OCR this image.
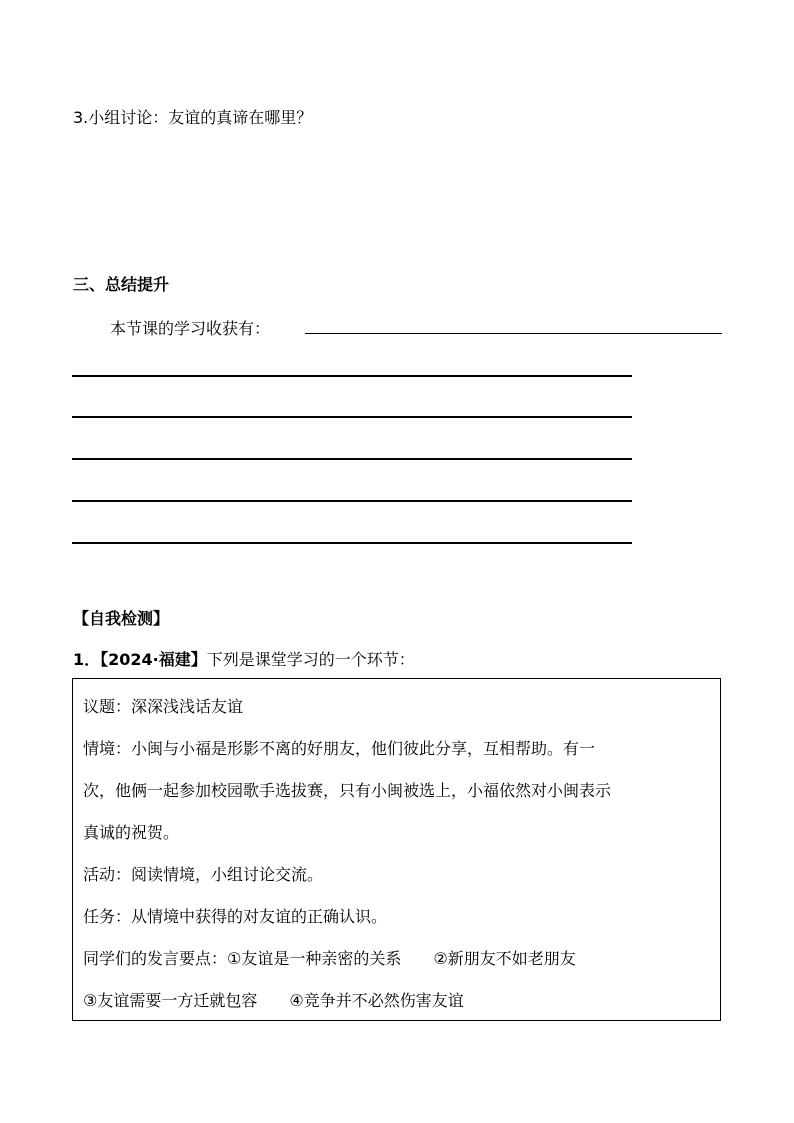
3.小组讨论：友谊的真谛在哪里？
三、总结提升
本节课的学习收获有：
【自我检测】
1．【2024·福建】下列是课堂学习的一个环节：
议题：深深浅浅话友谊
情境：小闽与小福是形影不离的好朋友，他们彼此分享，互相帮助。有一
次，他俩一起参加校园歌手选拔赛，只有小闽被选上，小福依然对小闽表示
真诚的祝贺。
活动：阅读情境，小组讨论交流。
任务：从情境中获得的对友谊的正确认识。
同学们的发言要点：①友谊是一种亲密的关系 ②新朋友不如老朋友
③友谊需要一方迁就包容 ④竞争并不必然伤害友谊
